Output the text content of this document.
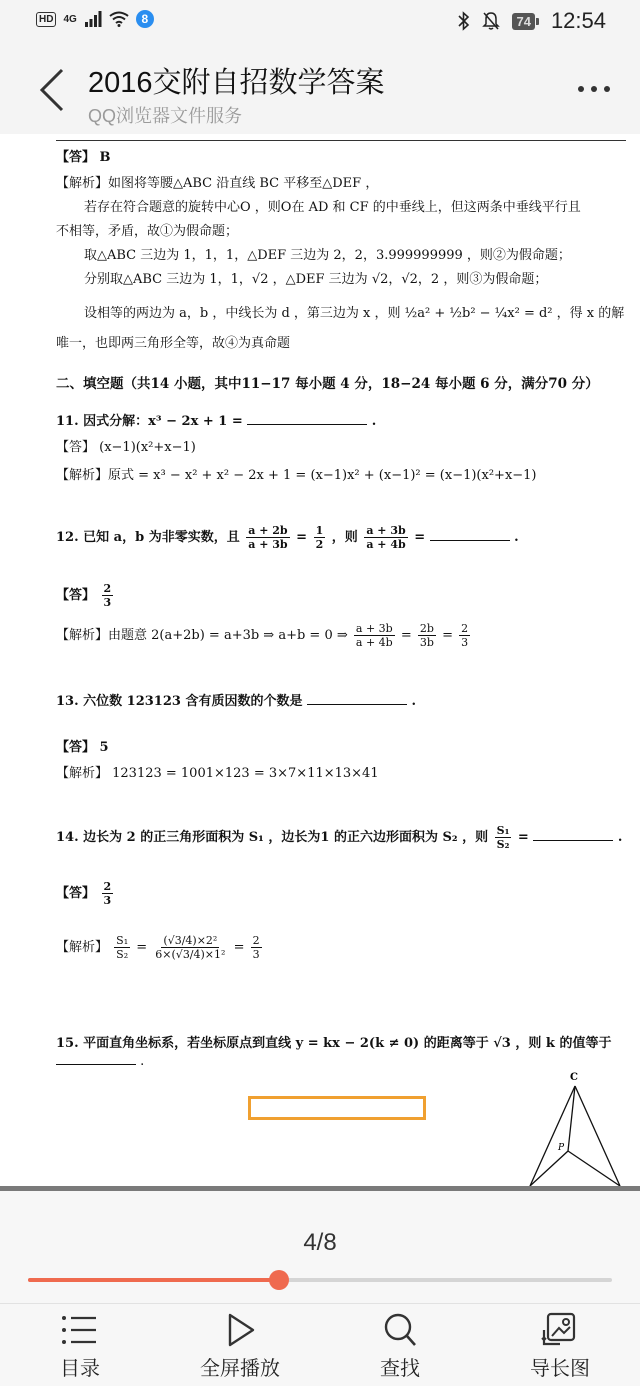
HD	4G	8	74 12:54
2016交附自招数学答案
QQ浏览器文件服务
【答】 B
【解析】如图将等腰△ABC 沿直线 BC 平移至△DEF ，
若存在符合题意的旋转中心O ，则O在 AD 和 CF 的中垂线上，但这两条中垂线平行且
不相等，矛盾，故①为假命题；
取△ABC 三边为 1，1，1，△DEF 三边为 2，2，3.999999999 ，则②为假命题；
分别取△ABC 三边为 1，1，√2 ，△DEF 三边为 √2，√2，2 ，则③为假命题；
设相等的两边为 a，b ，中线长为 d ，第三边为 x ，则 ½a² + ½b² − ¼x² = d² ，得 x 的解
唯一，也即两三角形全等，故④为真命题
二、填空题（共14 小题，其中11−17 每小题 4 分，18−24 每小题 6 分，满分70 分）
11. 因式分解：x³ − 2x + 1 =	.
【答】 (x−1)(x²+x−1)
【解析】原式 = x³ − x² + x² − 2x + 1 = (x−1)x² + (x−1)² = (x−1)(x²+x−1)
12. 已知 a，b 为非零实数，且 $\frac{a + 2b}{a + 3b} = \frac{1}{2}$ ，则 $\frac{a + 3b}{a + 4b}$ =	.
【答】 $\frac{2}{3}$
【解析】由题意 2(a+2b) = a+3b ⇒ a+b = 0 ⇒ $\frac{a + 3b}{a + 4b} = \frac{2b}{3b} = \frac{2}{3}$
13. 六位数 123123 含有质因数的个数是	.
【答】 5
【解析】 123123 = 1001×123 = 3×7×11×13×41
14. 边长为 2 的正三角形面积为 S₁ ，边长为1 的正六边形面积为 S₂ ，则 $\frac{\text{S₁}}{\text{S₂}}$ =	.
【答】 $\frac{2}{3}$
【解析】 $\frac{\text{S₁}}{\text{S₂}} = \frac{\text{(√3/4)×2²}}{\text{6×(√3/4)×1²}} = \frac{2}{3}$
15. 平面直角坐标系，若坐标原点到直线 y = kx − 2(k ≠ 0) 的距离等于 √3 ，则 k 的值等于
.
C
P
4/8
目录	全屏播放	查找	导长图
